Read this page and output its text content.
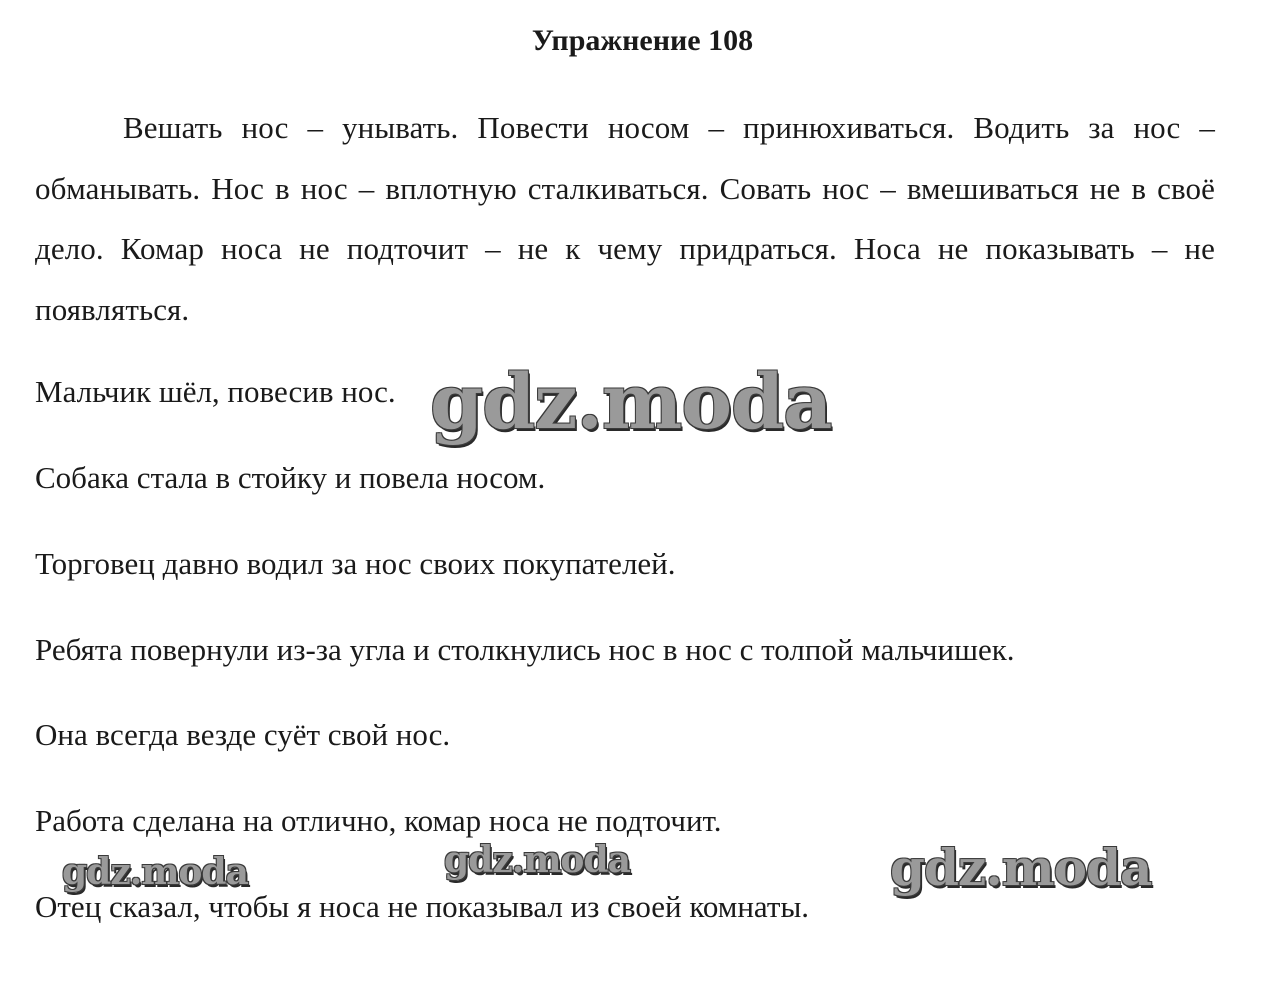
Упражнение 108
Вешать нос – унывать. Повести носом – принюхиваться. Водить за нос – обманывать. Нос в нос – вплотную сталкиваться. Совать нос – вмешиваться не в своё дело. Комар носа не подточит – не к чему придраться. Носа не показывать – не появляться.
Мальчик шёл, повесив нос.
Собака стала в стойку и повела носом.
Торговец давно водил за нос своих покупателей.
Ребята повернули из-за угла и столкнулись нос в нос с толпой мальчишек.
Она всегда везде суёт свой нос.
Работа сделана на отлично, комар носа не подточит.
Отец сказал, чтобы я носа не показывал из своей комнаты.
gdz.moda
gdz.moda	gdz.moda	gdz.moda
